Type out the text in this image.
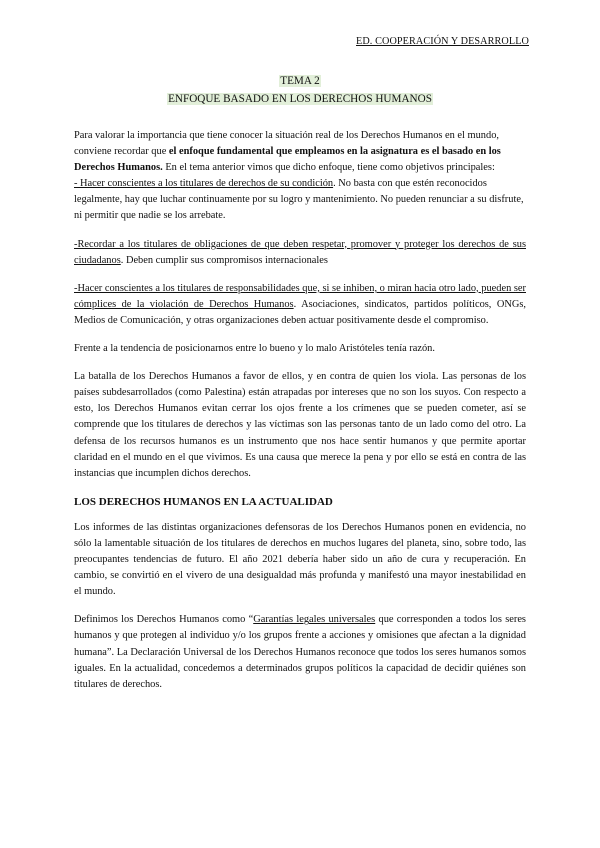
ED. COOPERACIÓN Y DESARROLLO
TEMA 2
ENFOQUE BASADO EN LOS DERECHOS HUMANOS

Para valorar la importancia que tiene conocer la situación real de los Derechos Humanos en el mundo, conviene recordar que el enfoque fundamental que empleamos en la asignatura es el basado en los Derechos Humanos. En el tema anterior vimos que dicho enfoque, tiene como objetivos principales:

- Hacer conscientes a los titulares de derechos de su condición. No basta con que estén reconocidos legalmente, hay que luchar continuamente por su logro y mantenimiento. No pueden renunciar a su disfrute, ni permitir que nadie se los arrebate.

-Recordar a los titulares de obligaciones de que deben respetar, promover y proteger los derechos de sus ciudadanos. Deben cumplir sus compromisos internacionales

-Hacer conscientes a los titulares de responsabilidades que, si se inhiben, o miran hacia otro lado, pueden ser cómplices de la violación de Derechos Humanos. Asociaciones, sindicatos, partidos políticos, ONGs, Medios de Comunicación, y otras organizaciones deben actuar positivamente desde el compromiso.

Frente a la tendencia de posicionarnos entre lo bueno y lo malo Aristóteles tenía razón.

La batalla de los Derechos Humanos a favor de ellos, y en contra de quien los viola. Las personas de los países subdesarrollados (como Palestina) están atrapadas por intereses que no son los suyos. Con respecto a esto, los Derechos Humanos evitan cerrar los ojos frente a los crímenes que se pueden cometer, así se comprende que los titulares de derechos y las víctimas son las personas tanto de un lado como del otro. La defensa de los recursos humanos es un instrumento que nos hace sentir humanos y que permite aportar claridad en el mundo en el que vivimos. Es una causa que merece la pena y por ello se está en contra de las instancias que incumplen dichos derechos.

LOS DERECHOS HUMANOS EN LA ACTUALIDAD

Los informes de las distintas organizaciones defensoras de los Derechos Humanos ponen en evidencia, no sólo la lamentable situación de los titulares de derechos en muchos lugares del planeta, sino, sobre todo, las preocupantes tendencias de futuro. El año 2021 debería haber sido un año de cura y recuperación. En cambio, se convirtió en el vivero de una desigualdad más profunda y manifestó una mayor inestabilidad en el mundo.

Definimos los Derechos Humanos como “Garantías legales universales que corresponden a todos los seres humanos y que protegen al individuo y/o los grupos frente a acciones y omisiones que afectan a la dignidad humana”. La Declaración Universal de los Derechos Humanos reconoce que todos los seres humanos somos iguales. En la actualidad, concedemos a determinados grupos políticos la capacidad de decidir quiénes son titulares de derechos.
